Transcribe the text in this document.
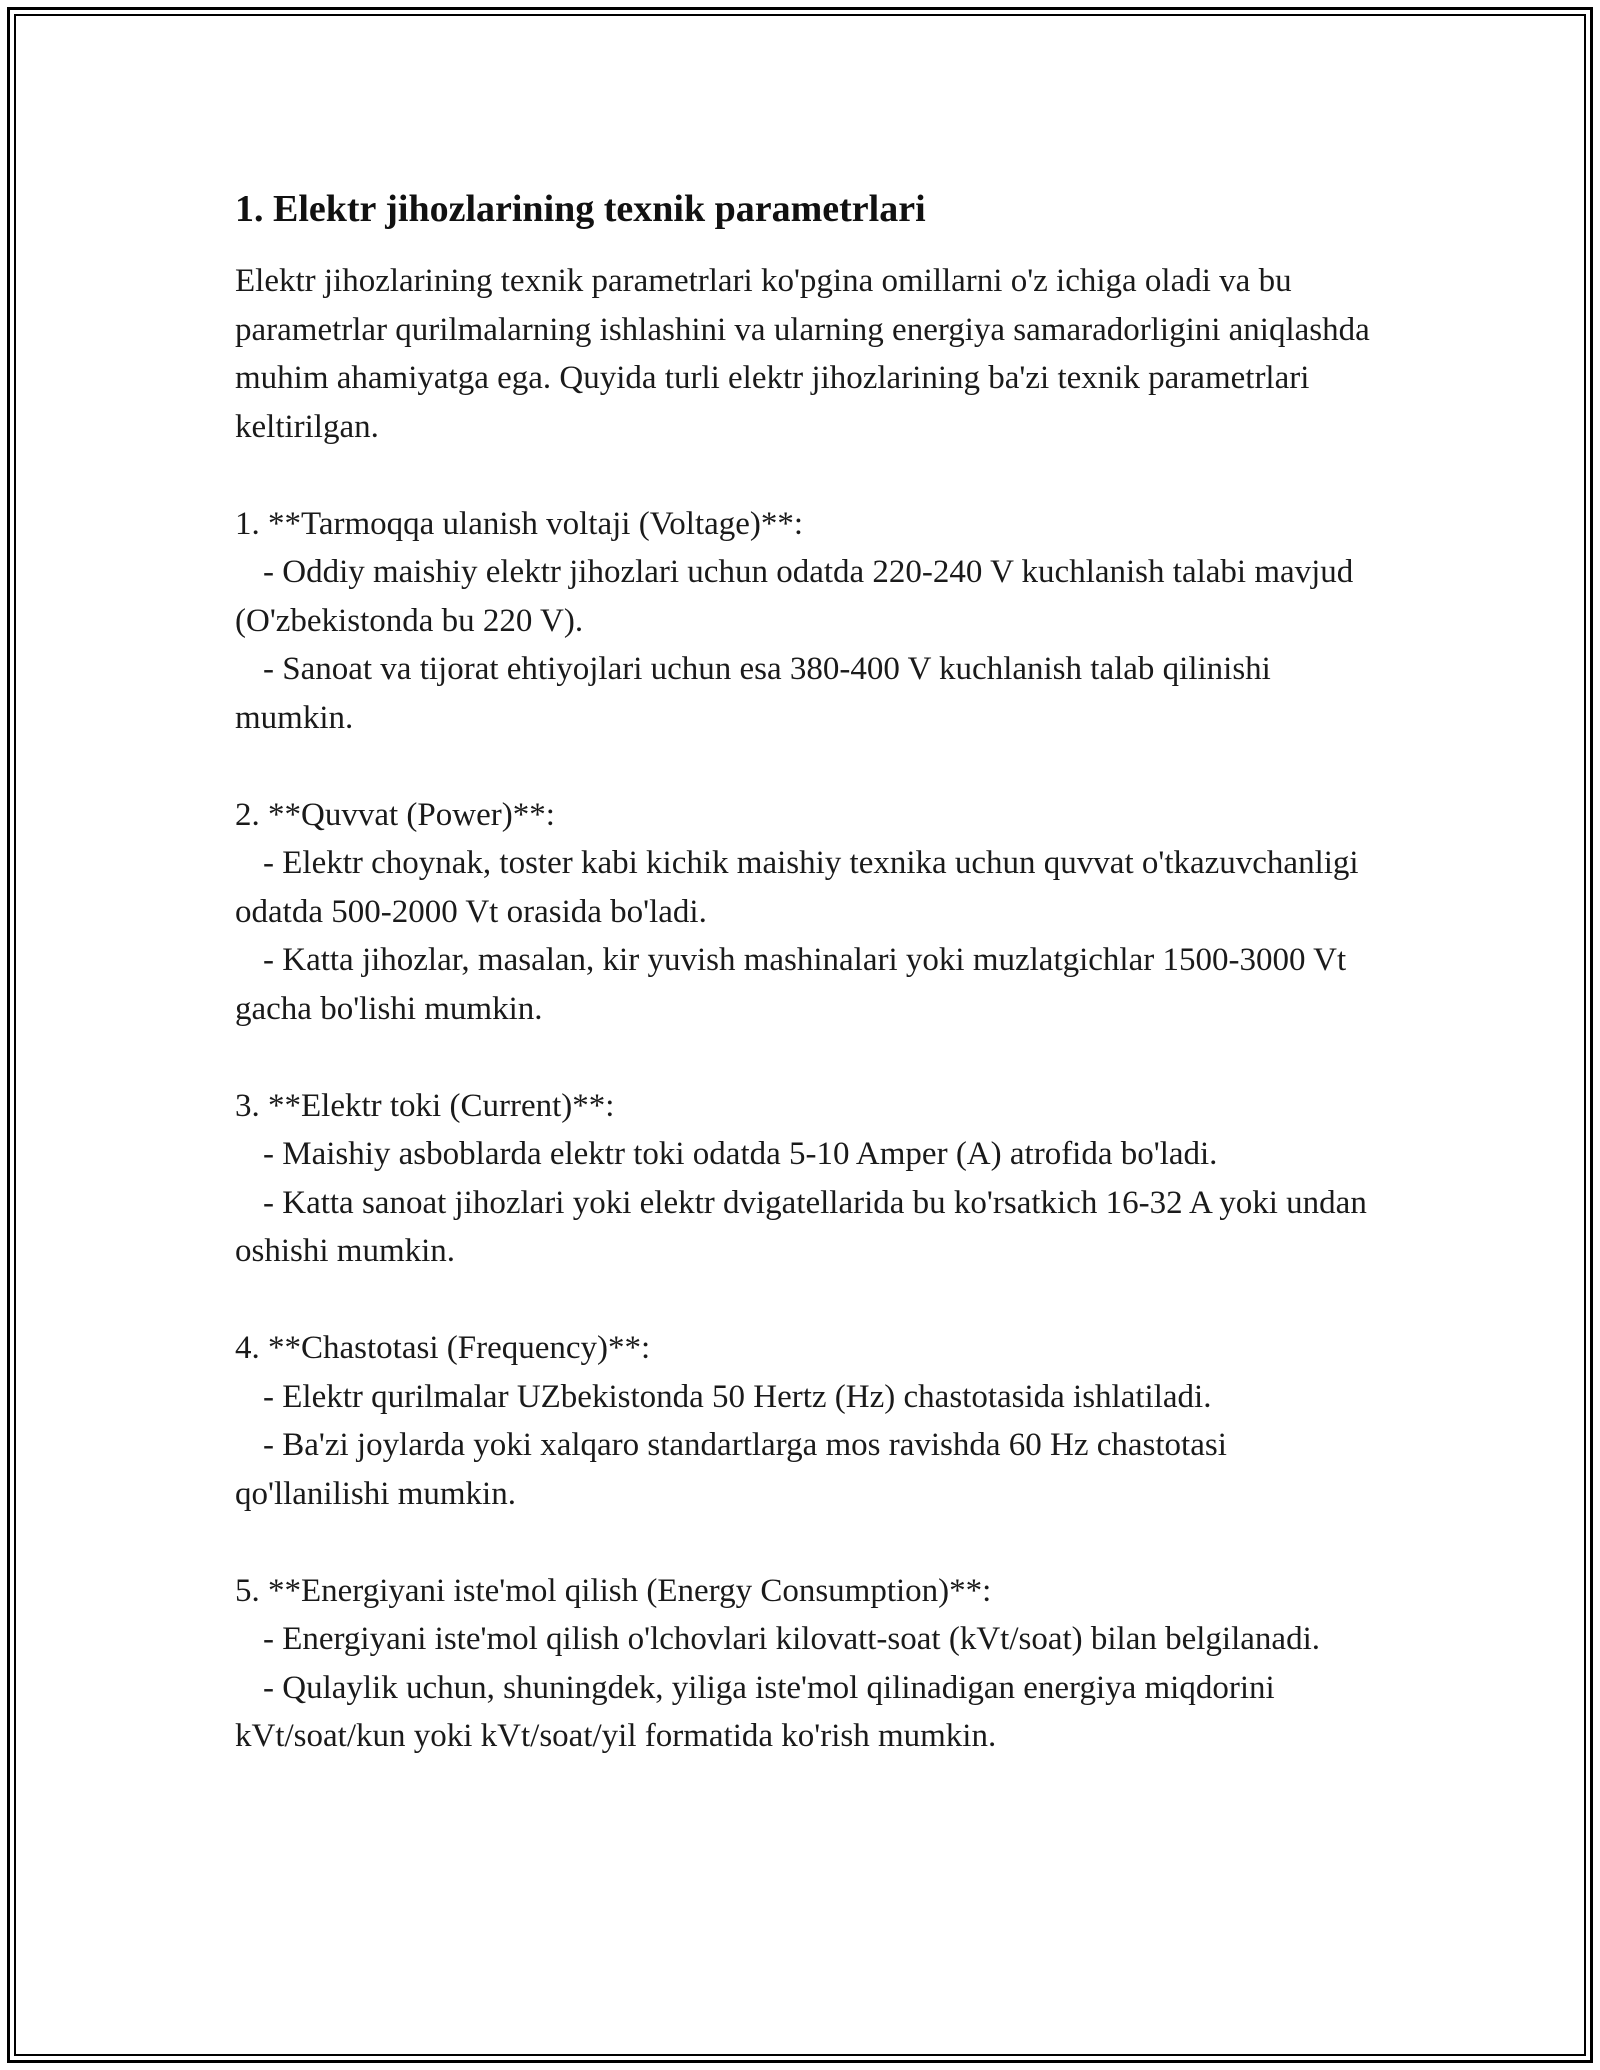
1. Elektr jihozlarining texnik parametrlari

Elektr jihozlarining texnik parametrlari ko'pgina omillarni o'z ichiga oladi va bu parametrlar qurilmalarning ishlashini va ularning energiya samaradorligini aniqlashda muhim ahamiyatga ega. Quyida turli elektr jihozlarining ba'zi texnik parametrlari keltirilgan.

1. **Tarmoqqa ulanish voltaji (Voltage)**:

- Oddiy maishiy elektr jihozlari uchun odatda 220-240 V kuchlanish talabi mavjud (O'zbekistonda bu 220 V).

- Sanoat va tijorat ehtiyojlari uchun esa 380-400 V kuchlanish talab qilinishi mumkin.

2. **Quvvat (Power)**:

- Elektr choynak, toster kabi kichik maishiy texnika uchun quvvat o'tkazuvchanligi odatda 500-2000 Vt orasida bo'ladi.

- Katta jihozlar, masalan, kir yuvish mashinalari yoki muzlatgichlar 1500-3000 Vt gacha bo'lishi mumkin.

3. **Elektr toki (Current)**:

- Maishiy asboblarda elektr toki odatda 5-10 Amper (A) atrofida bo'ladi.

- Katta sanoat jihozlari yoki elektr dvigatellarida bu ko'rsatkich 16-32 A yoki undan oshishi mumkin.

4. **Chastotasi (Frequency)**:

- Elektr qurilmalar UZbekistonda 50 Hertz (Hz) chastotasida ishlatiladi.

- Ba'zi joylarda yoki xalqaro standartlarga mos ravishda 60 Hz chastotasi qo'llanilishi mumkin.

5. **Energiyani iste'mol qilish (Energy Consumption)**:

- Energiyani iste'mol qilish o'lchovlari kilovatt-soat (kVt/soat) bilan belgilanadi.

- Qulaylik uchun, shuningdek, yiliga iste'mol qilinadigan energiya miqdorini kVt/soat/kun yoki kVt/soat/yil formatida ko'rish mumkin.
